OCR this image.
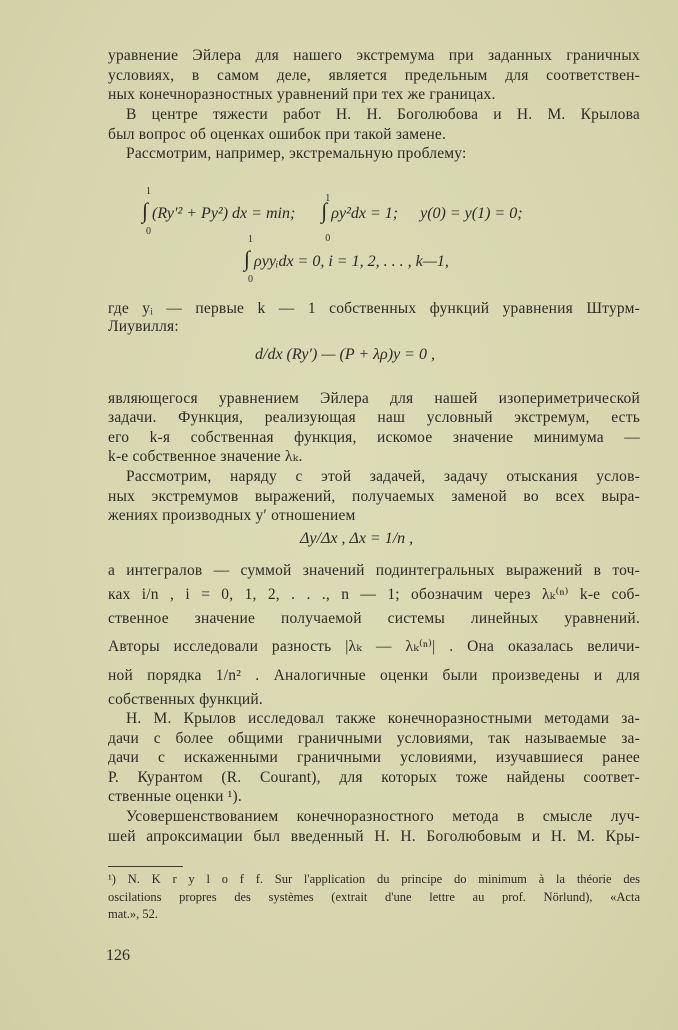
уравнение Эйлера для нашего экстремума при заданных граничных
условиях, в самом деле, является предельным для соответствен-
ных конечноразностных уравнений при тех же границах.
В центре тяжести работ Н. Н. Боголюбова и Н. М. Крылова
был вопрос об оценках ошибок при такой замене.
Рассмотрим, например, экстремальную проблему:
где yᵢ — первые k — 1 собственных функций уравнения Штурм-
Лиувилля:
являющегося уравнением Эйлера для нашей изопериметрической
задачи. Функция, реализующая наш условный экстремум, есть
его k-я собственная функция, искомое значение минимума —
k-е собственное значение λₖ.
Рассмотрим, наряду с этой задачей, задачу отыскания услов-
ных экстремумов выражений, получаемых заменой во всех выра-
жениях производных y′ отношением
а интегралов — суммой значений подинтегральных выражений в точ-
ках i/n , i = 0, 1, 2, . . ., n — 1; обозначим через λₖ⁽ⁿ⁾ k-е соб-
ственное значение получаемой системы линейных уравнений.
Авторы исследовали разность |λₖ — λₖ⁽ⁿ⁾| . Она оказалась величи-
ной порядка 1/n² . Аналогичные оценки были произведены и для
собственных функций.
Н. М. Крылов исследовал также конечноразностными методами за-
дачи с более общими граничными условиями, так называемые за-
дачи с искаженными граничными условиями, изучавшиеся ранее
Р. Курантом (R. Courant), для которых тоже найдены соответ-
ственные оценки ¹).
Усовершенствованием конечноразностного метода в смысле луч-
шей апроксимации был введенный Н. Н. Боголюбовым и Н. М. Кры-
∫
1
0
(Ry′² + Py²) dx = min; ∫
1
0
ρy²dx = 1; y(0) = y(1) = 0;
∫
1
0
ρyyᵢdx = 0, i = 1, 2, . . . , k—1,
d/dx (Ry′) — (P + λρ)y = 0 ,
Δy/Δx , Δx = 1/n ,
¹) N. K r y l o f f. Sur l'application du principe do minimum à la théorie des
oscilations propres des systèmes (extrait d'une lettre au prof. Nörlund), «Acta
mat.», 52.
126
